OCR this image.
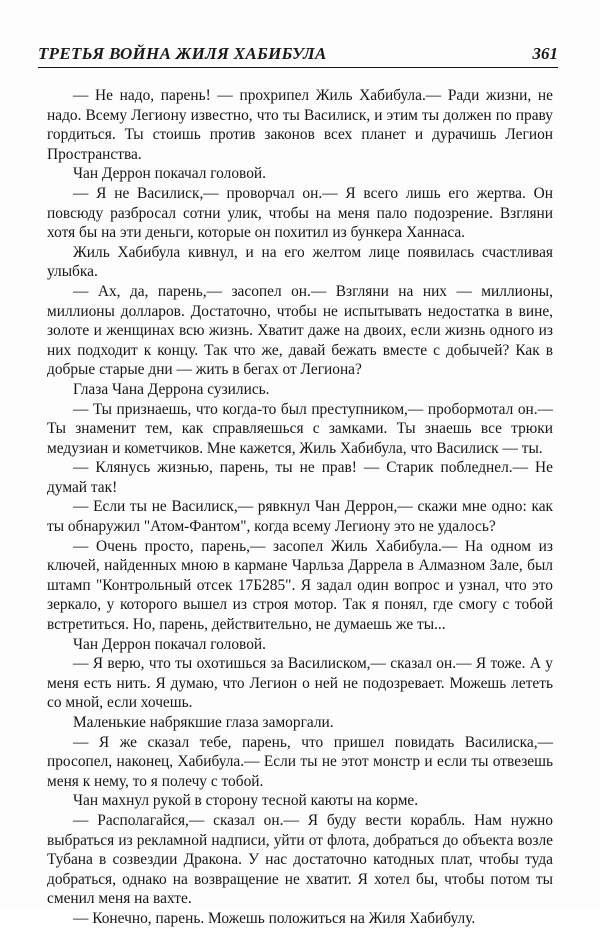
ТРЕТЬЯ ВОЙНА ЖИЛЯ ХАБИБУЛА	361

— Не надо, парень! — прохрипел Жиль Хабибула.— Ради жизни, не надо. Всему Легиону известно, что ты Василиск, и этим ты должен по праву гордиться. Ты стоишь против законов всех планет и дурачишь Легион Пространства.

Чан Деррон покачал головой.

— Я не Василиск,— проворчал он.— Я всего лишь его жертва. Он повсюду разбросал сотни улик, чтобы на меня пало подозрение. Взгляни хотя бы на эти деньги, которые он похитил из бункера Ханнаса.

Жиль Хабибула кивнул, и на его желтом лице появилась счастливая улыбка.

— Ах, да, парень,— засопел он.— Взгляни на них — миллионы, миллионы долларов. Достаточно, чтобы не испытывать недостатка в вине, золоте и женщинах всю жизнь. Хватит даже на двоих, если жизнь одного из них подходит к концу. Так что же, давай бежать вместе с добычей? Как в добрые старые дни — жить в бегах от Легиона?

Глаза Чана Деррона сузились.

— Ты признаешь, что когда-то был преступником,— пробормотал он.— Ты знаменит тем, как справляешься с замками. Ты знаешь все трюки медузиан и кометчиков. Мне кажется, Жиль Хабибула, что Василиск — ты.

— Клянусь жизнью, парень, ты не прав! — Старик побледнел.— Не думай так!

— Если ты не Василиск,— рявкнул Чан Деррон,— скажи мне одно: как ты обнаружил "Атом-Фантом", когда всему Легиону это не удалось?

— Очень просто, парень,— засопел Жиль Хабибула.— На одном из ключей, найденных мною в кармане Чарльза Даррела в Алмазном Зале, был штамп "Контрольный отсек 17Б285". Я задал один вопрос и узнал, что это зеркало, у которого вышел из строя мотор. Так я понял, где смогу с тобой встретиться. Но, парень, действительно, не думаешь же ты...

Чан Деррон покачал головой.

— Я верю, что ты охотишься за Василиском,— сказал он.— Я тоже. А у меня есть нить. Я думаю, что Легион о ней не подозревает. Можешь лететь со мной, если хочешь.

Маленькие набрякшие глаза заморгали.

— Я же сказал тебе, парень, что пришел повидать Василиска,— просопел, наконец, Хабибула.— Если ты не этот монстр и если ты отвезешь меня к нему, то я полечу с тобой.

Чан махнул рукой в сторону тесной каюты на корме.

— Располагайся,— сказал он.— Я буду вести корабль. Нам нужно выбраться из рекламной надписи, уйти от флота, добраться до объекта возле Тубана в созвездии Дракона. У нас достаточно катодных плат, чтобы туда добраться, однако на возвращение не хватит. Я хотел бы, чтобы потом ты сменил меня на вахте.

— Конечно, парень. Можешь положиться на Жиля Хабибулу.
